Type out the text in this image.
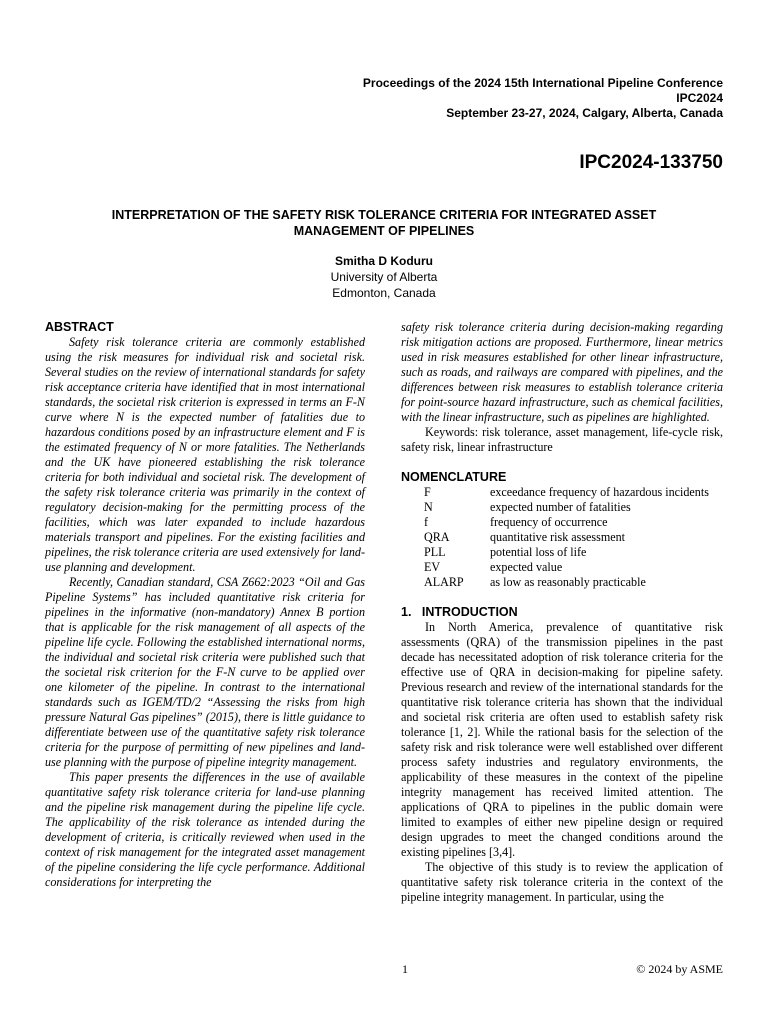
Proceedings of the 2024 15th International Pipeline Conference
IPC2024
September 23-27, 2024, Calgary, Alberta, Canada
IPC2024-133750
INTERPRETATION OF THE SAFETY RISK TOLERANCE CRITERIA FOR INTEGRATED ASSET
MANAGEMENT OF PIPELINES
Smitha D Koduru
University of Alberta
Edmonton, Canada
ABSTRACT

Safety risk tolerance criteria are commonly established using the risk measures for individual risk and societal risk. Several studies on the review of international standards for safety risk acceptance criteria have identified that in most international standards, the societal risk criterion is expressed in terms an F-N curve where N is the expected number of fatalities due to hazardous conditions posed by an infrastructure element and F is the estimated frequency of N or more fatalities. The Netherlands and the UK have pioneered establishing the risk tolerance criteria for both individual and societal risk. The development of the safety risk tolerance criteria was primarily in the context of regulatory decision-making for the permitting process of the facilities, which was later expanded to include hazardous materials transport and pipelines. For the existing facilities and pipelines, the risk tolerance criteria are used extensively for land-use planning and development.

Recently, Canadian standard, CSA Z662:2023 “Oil and Gas Pipeline Systems” has included quantitative risk criteria for pipelines in the informative (non-mandatory) Annex B portion that is applicable for the risk management of all aspects of the pipeline life cycle. Following the established international norms, the individual and societal risk criteria were published such that the societal risk criterion for the F-N curve to be applied over one kilometer of the pipeline. In contrast to the international standards such as IGEM/TD/2 “Assessing the risks from high pressure Natural Gas pipelines” (2015), there is little guidance to differentiate between use of the quantitative safety risk tolerance criteria for the purpose of permitting of new pipelines and land-use planning with the purpose of pipeline integrity management.

This paper presents the differences in the use of available quantitative safety risk tolerance criteria for land-use planning and the pipeline risk management during the pipeline life cycle. The applicability of the risk tolerance as intended during the development of criteria, is critically reviewed when used in the context of risk management for the integrated asset management of the pipeline considering the life cycle performance. Additional considerations for interpreting the

safety risk tolerance criteria during decision-making regarding risk mitigation actions are proposed. Furthermore, linear metrics used in risk measures established for other linear infrastructure, such as roads, and railways are compared with pipelines, and the differences between risk measures to establish tolerance criteria for point-source hazard infrastructure, such as chemical facilities, with the linear infrastructure, such as pipelines are highlighted.

Keywords: risk tolerance, asset management, life-cycle risk, safety risk, linear infrastructure

NOMENCLATURE
F	exceedance frequency of hazardous incidents
N	expected number of fatalities
f	frequency of occurrence
QRA	quantitative risk assessment
PLL	potential loss of life
EV	expected value
ALARP	as low as reasonably practicable
1.   INTRODUCTION

In North America, prevalence of quantitative risk assessments (QRA) of the transmission pipelines in the past decade has necessitated adoption of risk tolerance criteria for the effective use of QRA in decision-making for pipeline safety. Previous research and review of the international standards for the quantitative risk tolerance criteria has shown that the individual and societal risk criteria are often used to establish safety risk tolerance [1, 2]. While the rational basis for the selection of the safety risk and risk tolerance were well established over different process safety industries and regulatory environments, the applicability of these measures in the context of the pipeline integrity management has received limited attention. The applications of QRA to pipelines in the public domain were limited to examples of either new pipeline design or required design upgrades to meet the changed conditions around the existing pipelines [3,4].

The objective of this study is to review the application of quantitative safety risk tolerance criteria in the context of the pipeline integrity management. In particular, using the

1	© 2024 by ASME
